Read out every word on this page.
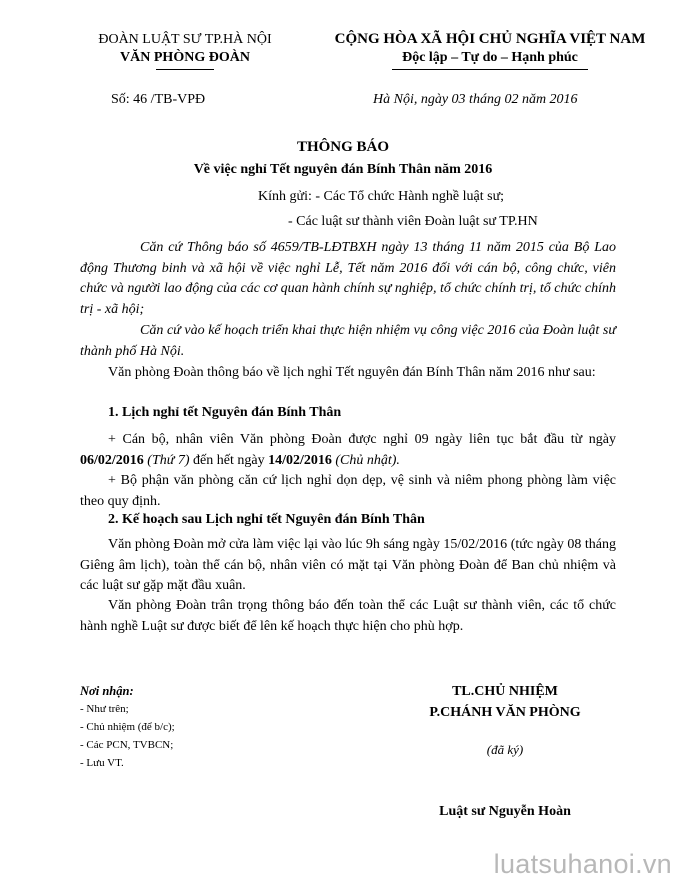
ĐOÀN LUẬT SƯ TP.HÀ NỘI
VĂN PHÒNG ĐOÀN
CỘNG HÒA XÃ HỘI CHỦ NGHĨA VIỆT NAM
Độc lập – Tự do – Hạnh phúc
Số: 46 /TB-VPĐ	Hà Nội, ngày 03 tháng 02 năm 2016
THÔNG BÁO
Về việc nghỉ Tết nguyên đán Bính Thân năm 2016
Kính gửi: - Các Tổ chức Hành nghề luật sư;
- Các luật sư thành viên Đoàn luật sư TP.HN
Căn cứ Thông báo số 4659/TB-LĐTBXH ngày 13 tháng 11 năm 2015 của Bộ Lao động Thương binh và xã hội về việc nghỉ Lễ, Tết năm 2016 đối với cán bộ, công chức, viên chức và người lao động của các cơ quan hành chính sự nghiệp, tổ chức chính trị, tổ chức chính trị - xã hội;
Căn cứ vào kế hoạch triển khai thực hiện nhiệm vụ công việc 2016 của Đoàn luật sư thành phố Hà Nội.
Văn phòng Đoàn thông báo về lịch nghỉ Tết nguyên đán Bính Thân năm 2016 như sau:
1. Lịch nghỉ tết Nguyên đán Bính Thân
+ Cán bộ, nhân viên Văn phòng Đoàn được nghỉ 09 ngày liên tục bắt đầu từ ngày 06/02/2016 (Thứ 7) đến hết ngày 14/02/2016 (Chủ nhật).
+ Bộ phận văn phòng căn cứ lịch nghỉ dọn dẹp, vệ sinh và niêm phong phòng làm việc theo quy định.
2. Kế hoạch sau Lịch nghỉ tết Nguyên đán Bính Thân
Văn phòng Đoàn mở cửa làm việc lại vào lúc 9h sáng ngày 15/02/2016 (tức ngày 08 tháng Giêng âm lịch), toàn thể cán bộ, nhân viên có mặt tại Văn phòng Đoàn để Ban chủ nhiệm và các luật sư gặp mặt đầu xuân.
Văn phòng Đoàn trân trọng thông báo đến toàn thể các Luật sư thành viên, các tổ chức hành nghề Luật sư được biết để lên kế hoạch thực hiện cho phù hợp.
Nơi nhận:
- Như trên;
- Chủ nhiệm (để b/c);
- Các PCN, TVBCN;
- Lưu VT.
TL.CHỦ NHIỆM
P.CHÁNH VĂN PHÒNG
(đã ký)
Luật sư Nguyễn Hoàn
luatsuhanoi.vn
